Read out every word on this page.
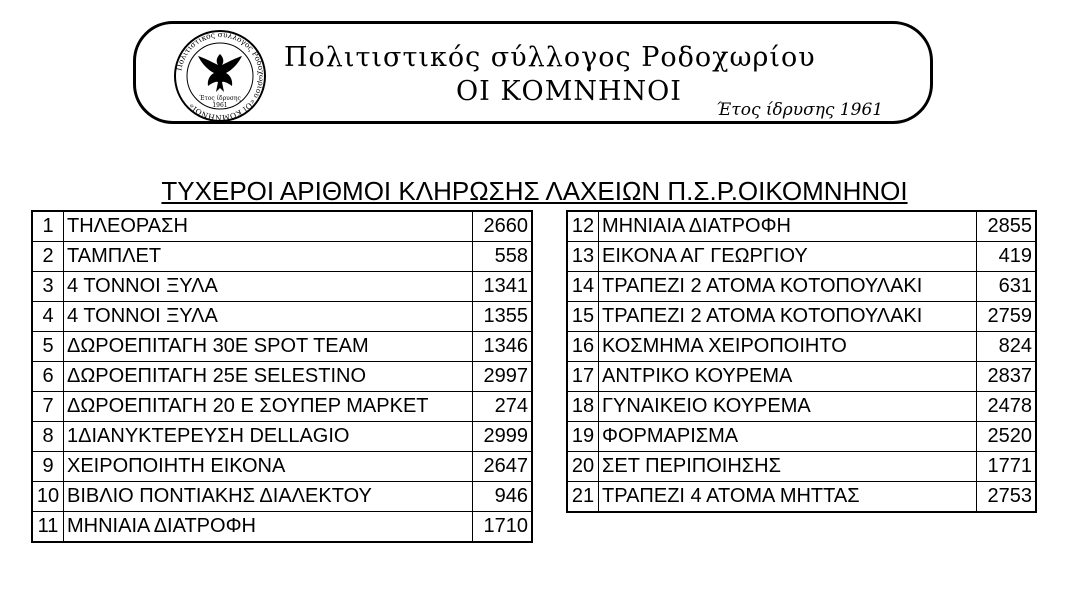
Έτος ίδρυσης
1961
Πολιτιστικός σύλλογος Ροδοχωρίου «ΟΙ ΚΟΜΝΗΝΟΙ»
Πολιτιστικός σύλλογος Ροδοχωρίου
ΟΙ ΚΟΜΝΗΝΟΙ
Έτος ίδρυσης 1961
ΤΥΧΕΡΟΙ ΑΡΙΘΜΟΙ ΚΛΗΡΩΣΗΣ ΛΑΧΕΙΩΝ Π.Σ.Ρ.ΟΙΚΟΜΝΗΝΟΙ
1	ΤΗΛΕΟΡΑΣΗ	2660
2	ΤΑΜΠΛΕΤ	558
3	4 ΤΟΝΝΟΙ ΞΥΛΑ	1341
4	4 ΤΟΝΝΟΙ ΞΥΛΑ	1355
5	ΔΩΡΟΕΠΙΤΑΓΗ 30Ε SPOT TEAM	1346
6	ΔΩΡΟΕΠΙΤΑΓΗ 25Ε SELESTINO	2997
7	ΔΩΡΟΕΠΙΤΑΓΗ 20 Ε ΣΟΥΠΕΡ ΜΑΡΚΕΤ	274
8	1ΔΙΑΝΥΚΤΕΡΕΥΣΗ DELLAGIO	2999
9	ΧΕΙΡΟΠΟΙΗΤΗ ΕΙΚΟΝΑ	2647
10	ΒΙΒΛΙΟ ΠΟΝΤΙΑΚΗΣ ΔΙΑΛΕΚΤΟΥ	946
11	ΜΗΝΙΑΙΑ ΔΙΑΤΡΟΦΗ	1710
12	ΜΗΝΙΑΙΑ ΔΙΑΤΡΟΦΗ	2855
13	ΕΙΚΟΝΑ ΑΓ ΓΕΩΡΓΙΟΥ	419
14	ΤΡΑΠΕΖΙ 2 ΑΤΟΜΑ ΚΟΤΟΠΟΥΛΑΚΙ	631
15	ΤΡΑΠΕΖΙ 2 ΑΤΟΜΑ ΚΟΤΟΠΟΥΛΑΚΙ	2759
16	ΚΟΣΜΗΜΑ ΧΕΙΡΟΠΟΙΗΤΟ	824
17	ΑΝΤΡΙΚΟ ΚΟΥΡΕΜΑ	2837
18	ΓΥΝΑΙΚΕΙΟ ΚΟΥΡΕΜΑ	2478
19	ΦΟΡΜΑΡΙΣΜΑ	2520
20	ΣΕΤ ΠΕΡΙΠΟΙΗΣΗΣ	1771
21	ΤΡΑΠΕΖΙ 4 ΑΤΟΜΑ ΜΗΤΤΑΣ	2753
